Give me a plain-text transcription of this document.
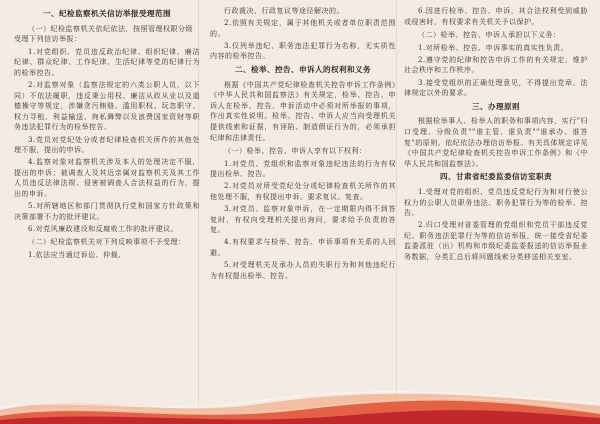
一、纪检监察机关信访举报受理范围
（一）纪检监察机关依纪依法，按照管理权限分级受理下列信访举报：
1.对党组织、党员违反政治纪律、组织纪律、廉洁纪律、群众纪律、工作纪律、生活纪律等党的纪律行为的检举控告。
2.对监察对象（监察法规定的六类公职人员，以下同）不依法履职，违反秉公用权、廉洁从政从业以及道德操守等规定，涉嫌贪污贿赂、滥用职权、玩忽职守、权力寻租、利益输送、徇私舞弊以及浪费国家资财等职务违法犯罪行为的检举控告。
3.党员对党纪处分或者纪律检查机关所作的其他处理不服，提出的申诉。
4.监察对象对监察机关涉及本人的处理决定不服，提出的申诉；被调查人及其近亲属对监察机关及其工作人员违反法律法规、侵害被调查人合法权益的行为，提出的申诉。
5.对所辖地区和部门贯彻执行党和国家方针政策和决策部署不力的批评建议。
6.对党风廉政建设和反腐败工作的批评建议。
（二）纪检监察机关对下列反映事项不予受理：
1.依法应当通过诉讼、仲裁、
行政裁决、行政复议等途径解决的。
2.依照有关规定，属于其他机关或者单位职责范围的。
3.仅列举违纪、职务违法犯罪行为名称，无实质性内容的检举控告。
二、检举、控告、申诉人的权利和义务
根据《中国共产党纪律检查机关控告申诉工作条例》《中华人民共和国监察法》有关规定，检举、控告、申诉人在检举、控告、申诉活动中必须对所举报的事项，作出真实性说明。检举、控告、申诉人应当向受理机关提供线索和证据，有诬陷、制造假证行为的，必须承担纪律和法律责任。
（一）检举、控告、申诉人享有以下权利：
1.对党员、党组织和监察对象违纪违法的行为有权提出检举、控告。
2.对党员对所受党纪处分或纪律检查机关所作的其他处理不服，有权提出申诉。要求复议、复查。
3.对党员、监察对象申诉，在一定期限内得不到答复时，有权向受理机关提出询问，要求给予负责的答复。
4.有权要求与检举、控告、申诉事项有关系的人回避。
5.对受理机关及承办人员的失职行为和其他违纪行为有权提出检举、控告。
6.因进行检举、控告、申诉，其合法权利受到威胁或侵害时，有权要求有关机关予以保护。
（二）检举、控告、申诉人承担以下义务：
1.对所检举、控告、申诉事实的真实性负责。
2.遵守党的纪律和控告申诉工作的有关规定，维护社会秩序和工作秩序。
3.接受党组织的正确处理意见，不得提出党章、法律规定以外的要求。
三、办理原则
根据检举事人、检举人的职务和事项内容，实行"归口受理、分级负责""谁主管、谁负责""谁承办、谁答复"的原则。依纪依法办理信访举报。有关具体规定详见《中国共产党纪律检查机关控告申诉工作条例》和《中华人民共和国监察法》。
四、甘肃省纪委监委信访室职责
1.受理对党的组织、党员违反党纪行为和对行使公权力的公职人员职务违法、职务犯罪行为等的检举、控告。
2.归口受理对省委管理的党组织和党员干部违反党纪、职务违法犯罪行为等的信访举报，统一接受省纪委监委派驻（出）机构和市级纪委监委报送的信访举报业务数据，分类汇总后将问题线索分类移送相关室室。
